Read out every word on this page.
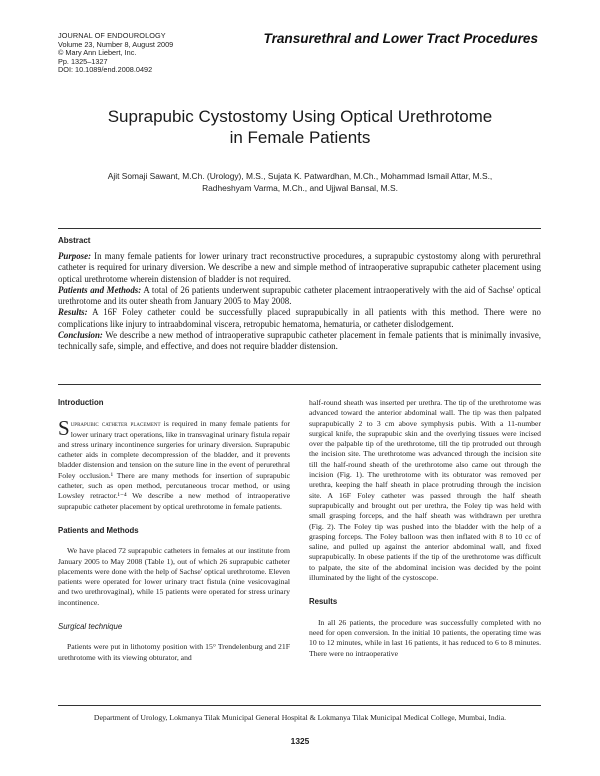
JOURNAL OF ENDOUROLOGY
Volume 23, Number 8, August 2009
© Mary Ann Liebert, Inc.
Pp. 1325–1327
DOI: 10.1089/end.2008.0492
Transurethral and Lower Tract Procedures
Suprapubic Cystostomy Using Optical Urethrotome
in Female Patients
Ajit Somaji Sawant, M.Ch. (Urology), M.S., Sujata K. Patwardhan, M.Ch., Mohammad Ismail Attar, M.S.,
Radheshyam Varma, M.Ch., and Ujjwal Bansal, M.S.
Abstract

Purpose: In many female patients for lower urinary tract reconstructive procedures, a suprapubic cystostomy along with perurethral catheter is required for urinary diversion. We describe a new and simple method of intraoperative suprapubic catheter placement using optical urethrotome wherein distension of bladder is not required.

Patients and Methods: A total of 26 patients underwent suprapubic catheter placement intraoperatively with the aid of Sachse' optical urethrotome and its outer sheath from January 2005 to May 2008.

Results: A 16F Foley catheter could be successfully placed suprapubically in all patients with this method. There were no complications like injury to intraabdominal viscera, retropubic hematoma, hematuria, or catheter dislodgement.

Conclusion: We describe a new method of intraoperative suprapubic catheter placement in female patients that is minimally invasive, technically safe, simple, and effective, and does not require bladder distension.

Introduction

Suprapubic catheter placement is required in many female patients for lower urinary tract operations, like in transvaginal urinary fistula repair and stress urinary incontinence surgeries for urinary diversion. Suprapubic catheter aids in complete decompression of the bladder, and it prevents bladder distension and tension on the suture line in the event of perurethral Foley occlusion.¹ There are many methods for insertion of suprapubic catheter, such as open method, percutaneous trocar method, or using Lowsley retractor.¹⁻⁴ We describe a new method of intraoperative suprapubic catheter placement by optical urethrotome in female patients.

Patients and Methods

We have placed 72 suprapubic catheters in females at our institute from January 2005 to May 2008 (Table 1), out of which 26 suprapubic catheter placements were done with the help of Sachse' optical urethrotome. Eleven patients were operated for lower urinary tract fistula (nine vesicovaginal and two urethrovaginal), while 15 patients were operated for stress urinary incontinence.

Surgical technique

Patients were put in lithotomy position with 15° Trendelenburg and 21F urethrotome with its viewing obturator, and

half-round sheath was inserted per urethra. The tip of the urethrotome was advanced toward the anterior abdominal wall. The tip was then palpated suprapubically 2 to 3 cm above symphysis pubis. With a 11-number surgical knife, the suprapubic skin and the overlying tissues were incised over the palpable tip of the urethrotome, till the tip protruded out through the incision site. The urethrotome was advanced through the incision site till the half-round sheath of the urethrotome also came out through the incision (Fig. 1). The urethrotome with its obturator was removed per urethra, keeping the half sheath in place protruding through the incision site. A 16F Foley catheter was passed through the half sheath suprapubically and brought out per urethra, the Foley tip was held with small grasping forceps, and the half sheath was withdrawn per urethra (Fig. 2). The Foley tip was pushed into the bladder with the help of a grasping forceps. The Foley balloon was then inflated with 8 to 10 cc of saline, and pulled up against the anterior abdominal wall, and fixed suprapubically. In obese patients if the tip of the urethrotome was difficult to palpate, the site of the abdominal incision was decided by the point illuminated by the light of the cystoscope.

Results

In all 26 patients, the procedure was successfully completed with no need for open conversion. In the initial 10 patients, the operating time was 10 to 12 minutes, while in last 16 patients, it has reduced to 6 to 8 minutes. There were no intraoperative

Department of Urology, Lokmanya Tilak Municipal General Hospital & Lokmanya Tilak Municipal Medical College, Mumbai, India.
1325
